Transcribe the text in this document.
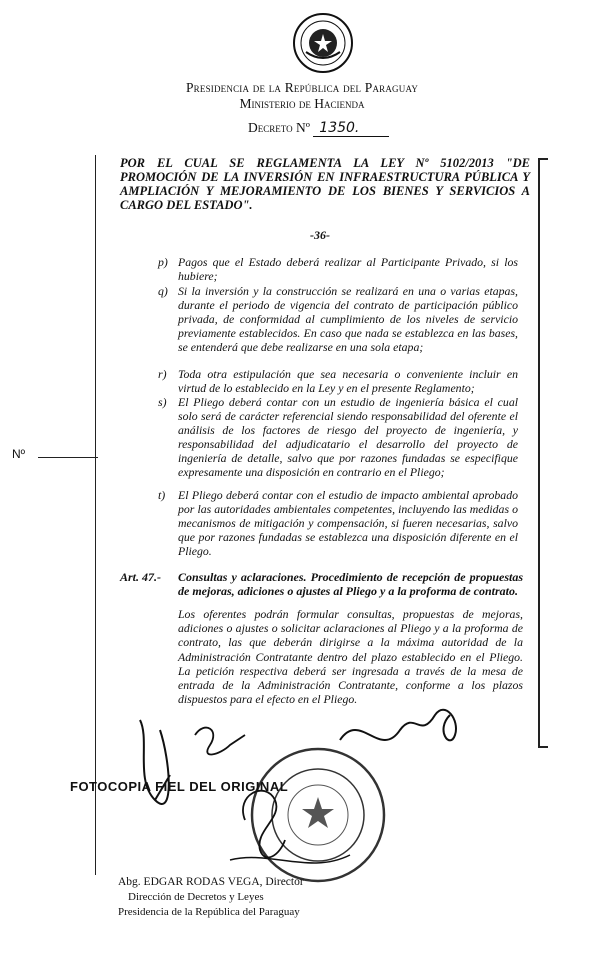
Presidencia de la República del Paraguay
Ministerio de Hacienda
Decreto Nº 1350.
POR EL CUAL SE REGLAMENTA LA LEY Nº 5102/2013 "DE PROMOCIÓN DE LA INVERSIÓN EN INFRAESTRUCTURA PÚBLICA Y AMPLIACIÓN Y MEJORAMIENTO DE LOS BIENES Y SERVICIOS A CARGO DEL ESTADO".
-36-
p) Pagos que el Estado deberá realizar al Participante Privado, si los hubiere;
q) Si la inversión y la construcción se realizará en una o varias etapas, durante el periodo de vigencia del contrato de participación público privada, de conformidad al cumplimiento de los niveles de servicio previamente establecidos. En caso que nada se establezca en las bases, se entenderá que debe realizarse en una sola etapa;
r) Toda otra estipulación que sea necesaria o conveniente incluir en virtud de lo establecido en la Ley y en el presente Reglamento;
s) El Pliego deberá contar con un estudio de ingeniería básica el cual solo será de carácter referencial siendo responsabilidad del oferente el análisis de los factores de riesgo del proyecto de ingeniería, y responsabilidad del adjudicatario el desarrollo del proyecto de ingeniería de detalle, salvo que por razones fundadas se especifique expresamente una disposición en contrario en el Pliego;
t) El Pliego deberá contar con el estudio de impacto ambiental aprobado por las autoridades ambientales competentes, incluyendo las medidas o mecanismos de mitigación y compensación, si fueren necesarias, salvo que por razones fundadas se establezca una disposición diferente en el Pliego.
Nº
Art. 47.- Consultas y aclaraciones. Procedimiento de recepción de propuestas de mejoras, adiciones o ajustes al Pliego y a la proforma de contrato.
Los oferentes podrán formular consultas, propuestas de mejoras, adiciones o ajustes o solicitar aclaraciones al Pliego y a la proforma de contrato, las que deberán dirigirse a la máxima autoridad de la Administración Contratante dentro del plazo establecido en el Pliego. La petición respectiva deberá ser ingresada a través de la mesa de entrada de la Administración Contratante, conforme a los plazos dispuestos para el efecto en el Pliego.
FOTOCOPIA FIEL DEL ORIGINAL
Abg. EDGAR RODAS VEGA, Director
Dirección de Decretos y Leyes
Presidencia de la República del Paraguay
